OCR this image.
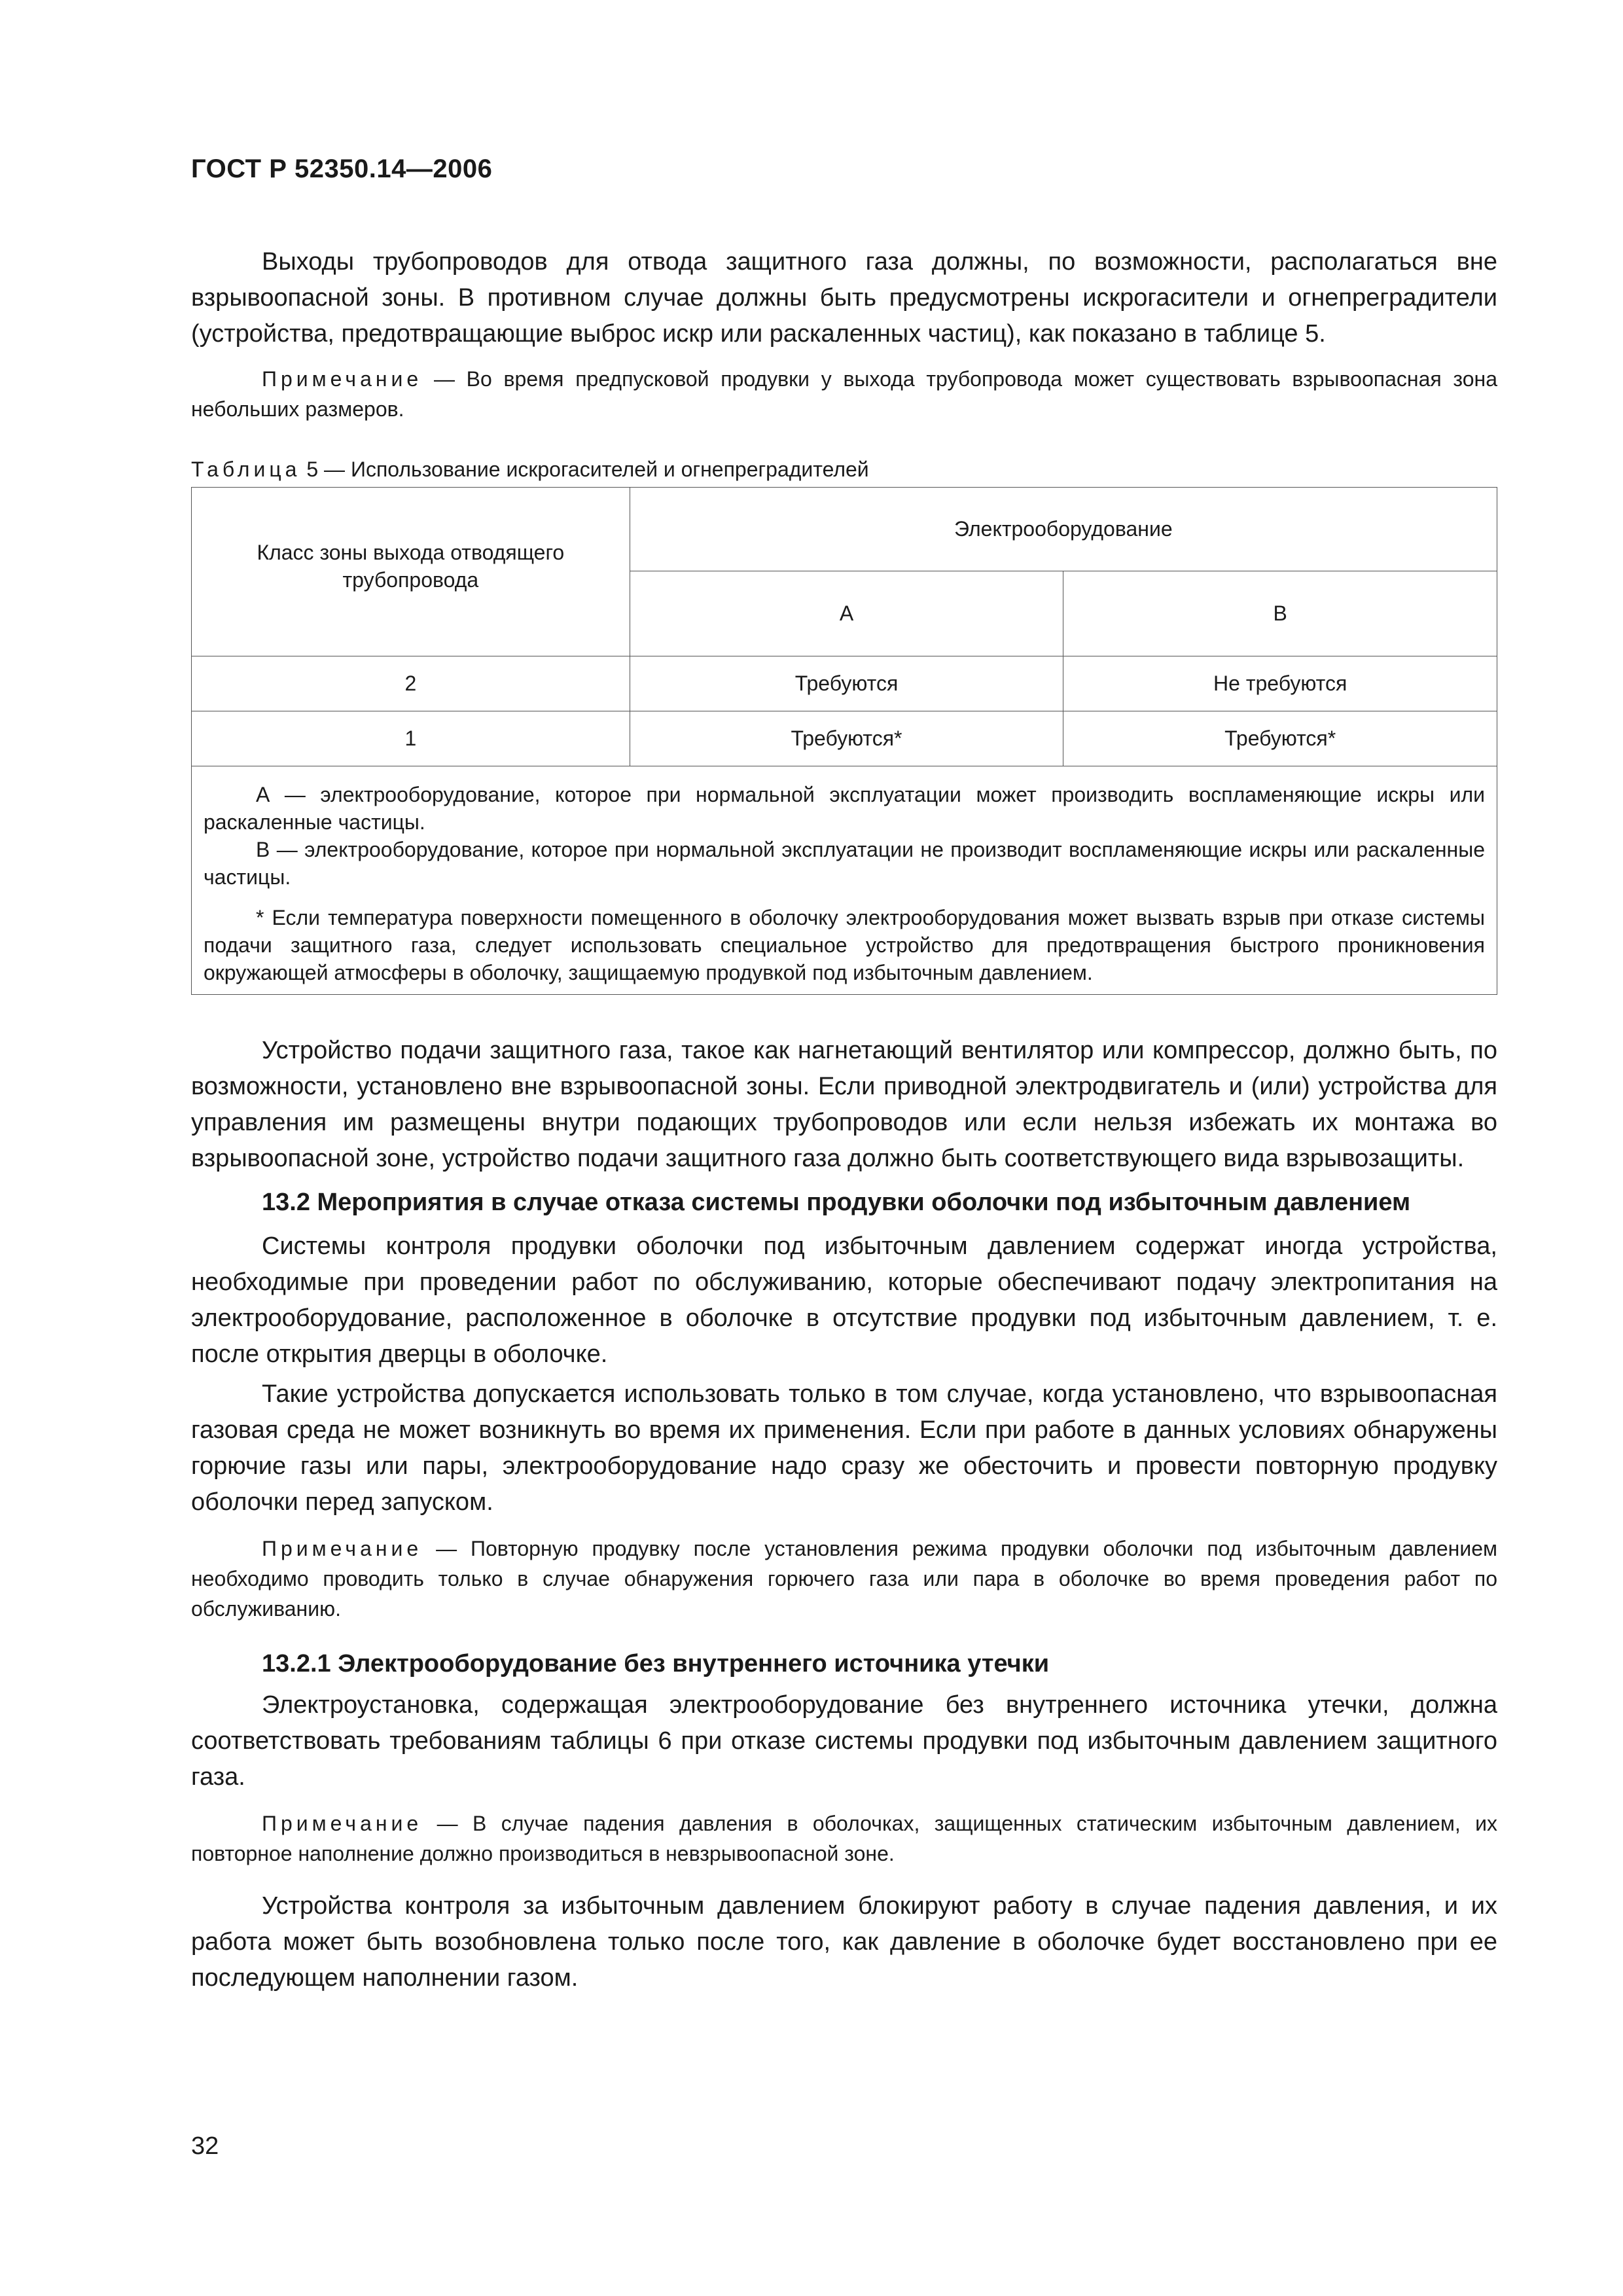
ГОСТ Р 52350.14—2006

Выходы трубопроводов для отвода защитного газа должны, по возможности, располагаться вне взрывоопасной зоны. В противном случае должны быть предусмотрены искрогасители и огнепреградители (устройства, предотвращающие выброс искр или раскаленных частиц), как показано в таблице 5.

Примечание — Во время предпусковой продувки у выхода трубопровода может существовать взрывоопасная зона небольших размеров.

Таблица 5 — Использование искрогасителей и огнепреградителей
Класс зоны выхода отводящего трубопровода	Электрооборудование	
	А	В
2	Требуются	Не требуются
1	Требуются*	Требуются*

А — электрооборудование, которое при нормальной эксплуатации может производить воспламеняющие искры или раскаленные частицы.

В — электрооборудование, которое при нормальной эксплуатации не производит воспламеняющие искры или раскаленные частицы.

* Если температура поверхности помещенного в оболочку электрооборудования может вызвать взрыв при отказе системы подачи защитного газа, следует использовать специальное устройство для предотвращения быстрого проникновения окружающей атмосферы в оболочку, защищаемую продувкой под избыточным давлением.		

Устройство подачи защитного газа, такое как нагнетающий вентилятор или компрессор, должно быть, по возможности, установлено вне взрывоопасной зоны. Если приводной электродвигатель и (или) устройства для управления им размещены внутри подающих трубопроводов или если нельзя избежать их монтажа во взрывоопасной зоне, устройство подачи защитного газа должно быть соответствующего вида взрывозащиты.

13.2 Мероприятия в случае отказа системы продувки оболочки под избыточным давлением

Системы контроля продувки оболочки под избыточным давлением содержат иногда устройства, необходимые при проведении работ по обслуживанию, которые обеспечивают подачу электропитания на электрооборудование, расположенное в оболочке в отсутствие продувки под избыточным давлением, т. е. после открытия дверцы в оболочке.

Такие устройства допускается использовать только в том случае, когда установлено, что взрывоопасная газовая среда не может возникнуть во время их применения. Если при работе в данных условиях обнаружены горючие газы или пары, электрооборудование надо сразу же обесточить и провести повторную продувку оболочки перед запуском.

Примечание — Повторную продувку после установления режима продувки оболочки под избыточным давлением необходимо проводить только в случае обнаружения горючего газа или пара в оболочке во время проведения работ по обслуживанию.

13.2.1 Электрооборудование без внутреннего источника утечки

Электроустановка, содержащая электрооборудование без внутреннего источника утечки, должна соответствовать требованиям таблицы 6 при отказе системы продувки под избыточным давлением защитного газа.

Примечание — В случае падения давления в оболочках, защищенных статическим избыточным давлением, их повторное наполнение должно производиться в невзрывоопасной зоне.

Устройства контроля за избыточным давлением блокируют работу в случае падения давления, и их работа может быть возобновлена только после того, как давление в оболочке будет восстановлено при ее последующем наполнении газом.

32
